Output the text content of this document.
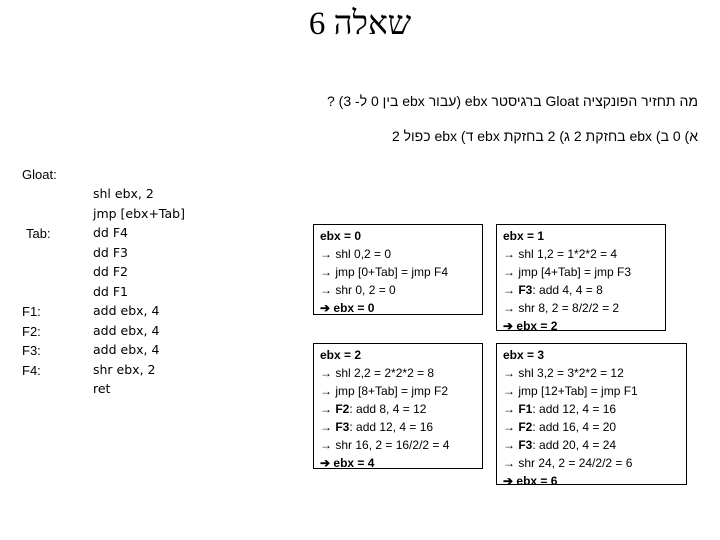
שאלה 6
מה תחזיר הפונקציה Gloat ברגיסטר ebx (עבור ebx בין 0 ל- 3) ?
א) 0 ב) ebx בחזקת 2 ג) 2 בחזקת ebx ד) ebx כפול 2
Gloat:
Tab:
F1:
F2:
F3:
F4:
shl ebx, 2
jmp [ebx+Tab]
dd F4
dd F3
dd F2
dd F1
add ebx, 4
add ebx, 4
add ebx, 4
shr ebx, 2
ret
ebx = 0
→ shl 0,2 = 0
→ jmp [0+Tab] = jmp F4
→ shr 0, 2 = 0
➔ ebx = 0
ebx = 1
→ shl 1,2 = 1*2*2 = 4
→ jmp [4+Tab] = jmp F3
→ F3: add 4, 4 = 8
→ shr 8, 2 = 8/2/2 = 2
➔ ebx = 2
ebx = 2
→ shl 2,2 = 2*2*2 = 8
→ jmp [8+Tab] = jmp F2
→ F2: add 8, 4 = 12
→ F3: add 12, 4 = 16
→ shr 16, 2 = 16/2/2 = 4
➔ ebx = 4
ebx = 3
→ shl 3,2 = 3*2*2 = 12
→ jmp [12+Tab] = jmp F1
→ F1: add 12, 4 = 16
→ F2: add 16, 4 = 20
→ F3: add 20, 4 = 24
→ shr 24, 2 = 24/2/2 = 6
➔ ebx = 6
